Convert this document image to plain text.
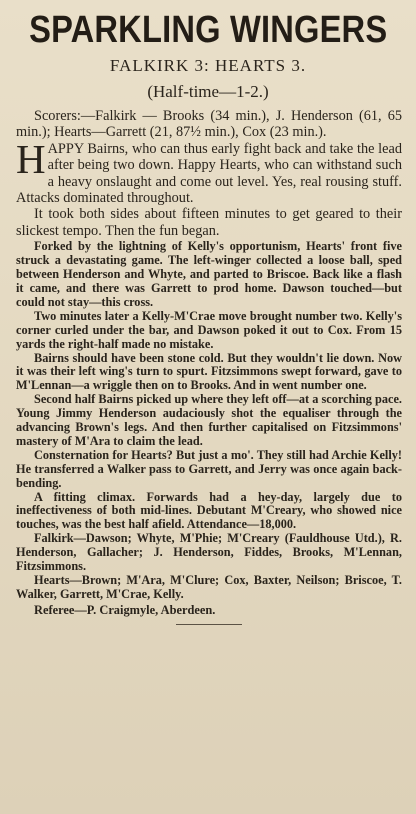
SPARKLING WINGERS
FALKIRK 3: HEARTS 3.
(Half-time—1-2.)

Scorers:—Falkirk — Brooks (34 min.), J. Henderson (61, 65 min.); Hearts—Garrett (21, 87½ min.), Cox (23 min.).

HAPPY Bairns, who can thus early fight back and take the lead after being two down. Happy Hearts, who can withstand such a heavy onslaught and come out level. Yes, real rousing stuff. Attacks dominated throughout.

It took both sides about fifteen minutes to get geared to their slickest tempo. Then the fun began.

Forked by the lightning of Kelly's opportunism, Hearts' front five struck a devastating game. The left-winger collected a loose ball, sped between Henderson and Whyte, and parted to Briscoe. Back like a flash it came, and there was Garrett to prod home. Dawson touched—but could not stay—this cross.

Two minutes later a Kelly-M'Crae move brought number two. Kelly's corner curled under the bar, and Dawson poked it out to Cox. From 15 yards the right-half made no mistake.

Bairns should have been stone cold. But they wouldn't lie down. Now it was their left wing's turn to spurt. Fitzsimmons swept forward, gave to M'Lennan—a wriggle then on to Brooks. And in went number one.

Second half Bairns picked up where they left off—at a scorching pace. Young Jimmy Henderson audaciously shot the equaliser through the advancing Brown's legs. And then further capitalised on Fitzsimmons' mastery of M'Ara to claim the lead.

Consternation for Hearts? But just a mo'. They still had Archie Kelly! He transferred a Walker pass to Garrett, and Jerry was once again back-bending.

A fitting climax. Forwards had a hey-day, largely due to ineffectiveness of both mid-lines. Debutant M'Creary, who showed nice touches, was the best half afield. Attendance—18,000.

Falkirk—Dawson; Whyte, M'Phie; M'Creary (Fauldhouse Utd.), R. Henderson, Gallacher; J. Henderson, Fiddes, Brooks, M'Lennan, Fitzsimmons.

Hearts—Brown; M'Ara, M'Clure; Cox, Baxter, Neilson; Briscoe, T. Walker, Garrett, M'Crae, Kelly.

Referee—P. Craigmyle, Aberdeen.
